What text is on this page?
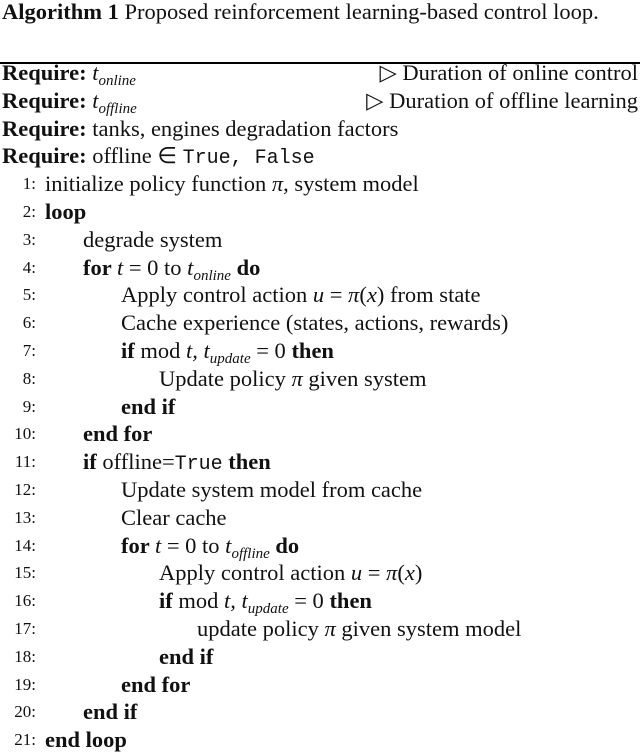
Algorithm 1 Proposed reinforcement learning-based control loop.
Require: $t_{online}$	▷ Duration of online control
Require: $t_{offline}$	▷ Duration of offline learning
Require: tanks, engines degradation factors
Require: offline ∈ True, False
1: initialize policy function π, system model
2: loop
3: degrade system
4: for t = 0 to $t_{online}$ do
5:	Apply control action u = π(x) from state
6:	Cache experience (states, actions, rewards)
7:	if mod t, $t_{update} = 0$ then
8:	Update policy π given system
9:	end if
10: end for
11: if offline=True then
12:	Update system model from cache
13:	Clear cache
14:	for t = 0 to $t_{offline}$ do
15:	Apply control action u = π(x)
16:	if mod t, $t_{update} = 0$ then
17:	update policy π given system model
18:	end if
19:	end for
20: end if
21: end loop
